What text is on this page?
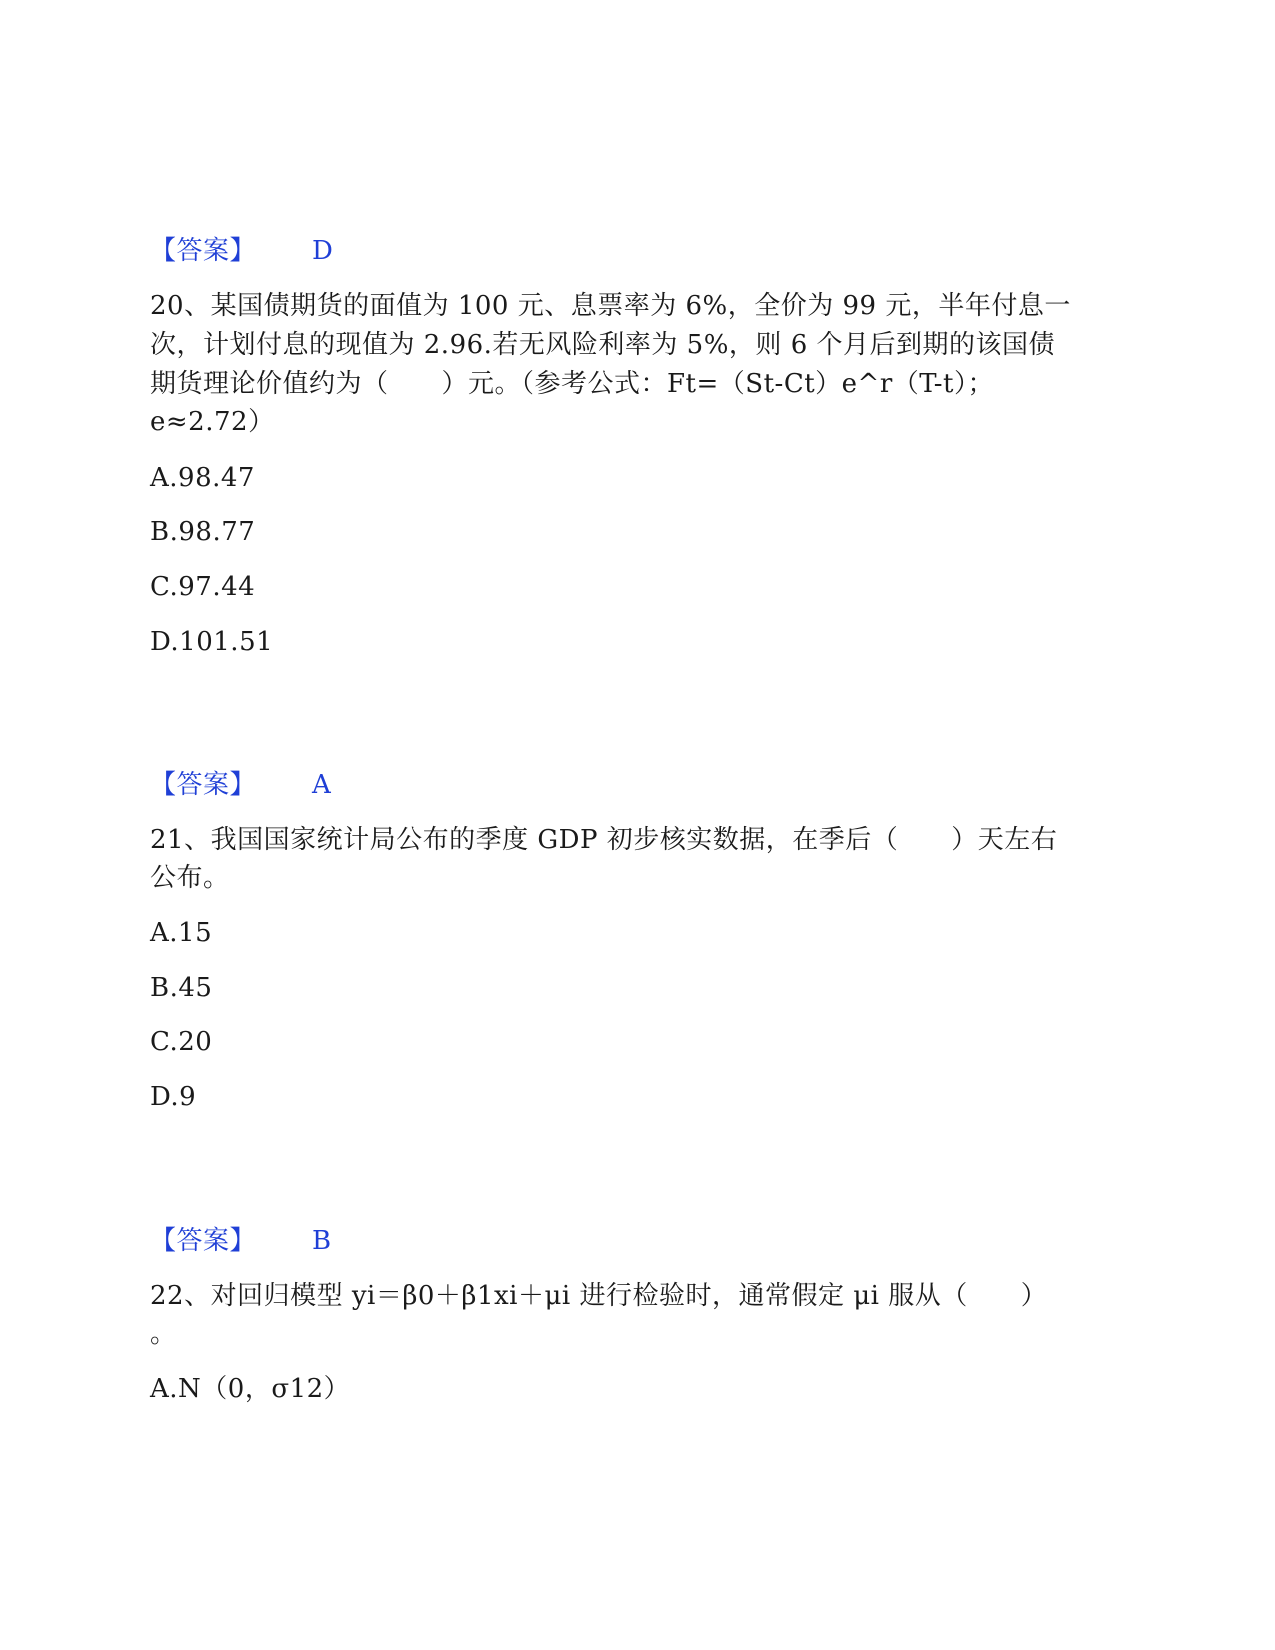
【答案】 D
20、某国债期货的面值为 100 元、息票率为 6%，全价为 99 元，半年付息一
次，计划付息的现值为 2.96.若无风险利率为 5%，则 6 个月后到期的该国债
期货理论价值约为（　　）元。（参考公式：Ft=（St-Ct）e^r（T-t）；
e≈2.72）
A.98.47
B.98.77
C.97.44
D.101.51
【答案】 A
21、我国国家统计局公布的季度 GDP 初步核实数据，在季后（　　）天左右
公布。
A.15
B.45
C.20
D.9
【答案】 B
22、对回归模型 yi＝β0＋β1xi＋μi 进行检验时，通常假定 μi 服从（　　）
。
A.N（0，σ12）
